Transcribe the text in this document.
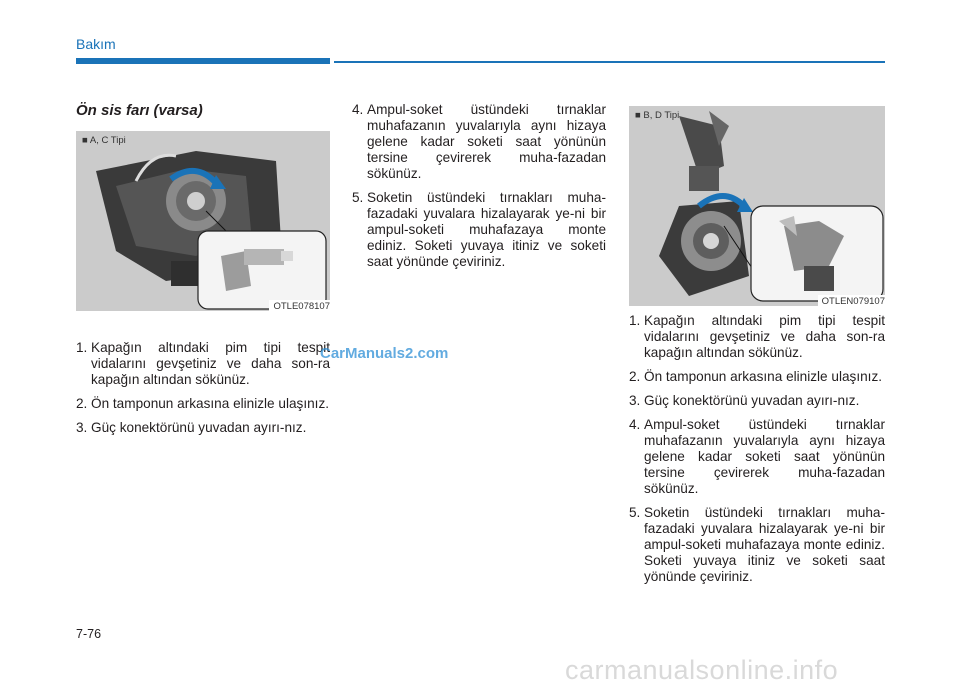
Bakım
Ön sis farı (varsa)
■ A, C Tipi
OTLE078107
■ B, D Tipi
OTLEN079107
1. Kapağın altındaki pim tipi tespit vidalarını gevşetiniz ve daha son-ra kapağın altından sökünüz.
2. Ön tamponun arkasına elinizle ulaşınız.
3. Güç konektörünü yuvadan ayırı-nız.
4. Ampul-soket üstündeki tırnaklar muhafazanın yuvalarıyla aynı hizaya gelene kadar soketi saat yönünün tersine çevirerek muha-fazadan sökünüz.
5. Soketin üstündeki tırnakları muha-fazadaki yuvalara hizalayarak ye-ni bir ampul-soketi muhafazaya monte ediniz. Soketi yuvaya itiniz ve soketi saat yönünde çeviriniz.
1. Kapağın altındaki pim tipi tespit vidalarını gevşetiniz ve daha son-ra kapağın altından sökünüz.
2. Ön tamponun arkasına elinizle ulaşınız.
3. Güç konektörünü yuvadan ayırı-nız.
4. Ampul-soket üstündeki tırnaklar muhafazanın yuvalarıyla aynı hizaya gelene kadar soketi saat yönünün tersine çevirerek muha-fazadan sökünüz.
5. Soketin üstündeki tırnakları muha-fazadaki yuvalara hizalayarak ye-ni bir ampul-soketi muhafazaya monte ediniz. Soketi yuvaya itiniz ve soketi saat yönünde çeviriniz.
CarManuals2.com
7-76
carmanualsonline.info
